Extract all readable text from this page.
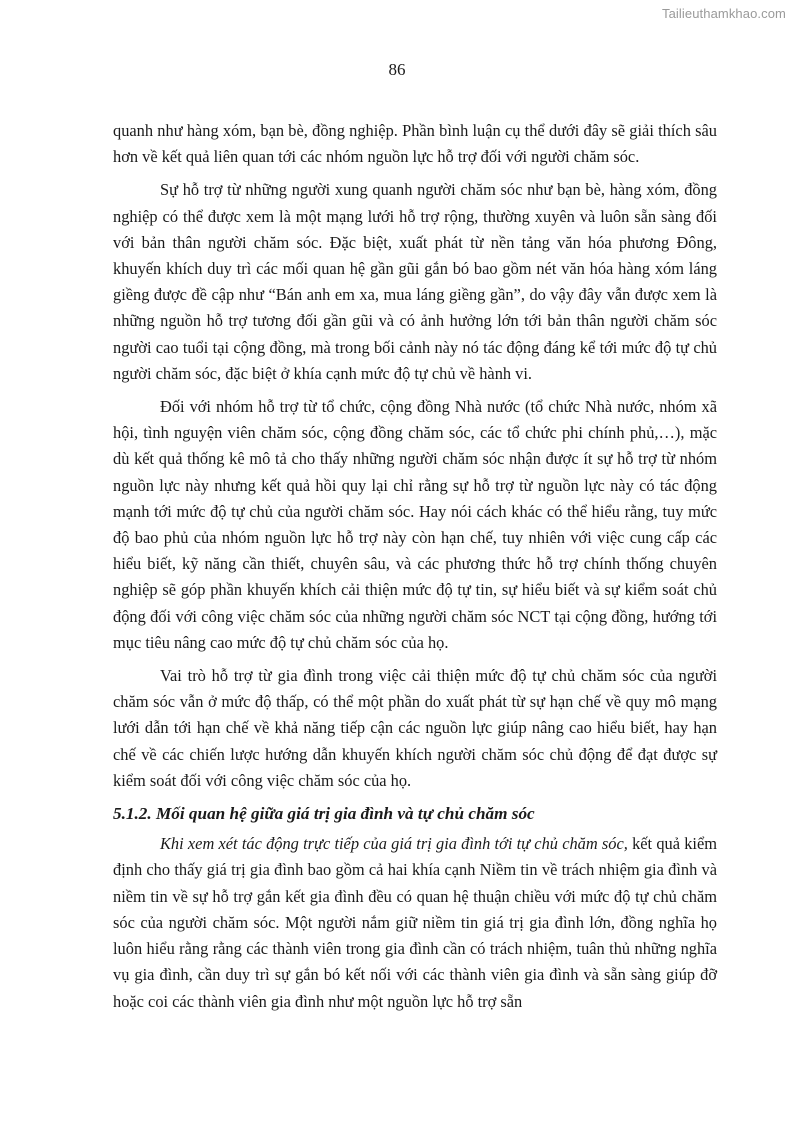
Tailieuthamkhao.com
86

quanh như hàng xóm, bạn bè, đồng nghiệp. Phần bình luận cụ thể dưới đây sẽ giải thích sâu hơn về kết quả liên quan tới các nhóm nguồn lực hỗ trợ đối với người chăm sóc.

Sự hỗ trợ từ những người xung quanh người chăm sóc như bạn bè, hàng xóm, đồng nghiệp có thể được xem là một mạng lưới hỗ trợ rộng, thường xuyên và luôn sẵn sàng đối với bản thân người chăm sóc. Đặc biệt, xuất phát từ nền tảng văn hóa phương Đông, khuyến khích duy trì các mối quan hệ gần gũi gắn bó bao gồm nét văn hóa hàng xóm láng giềng được đề cập như “Bán anh em xa, mua láng giềng gần”, do vậy đây vẫn được xem là những nguồn hỗ trợ tương đối gần gũi và có ảnh hưởng lớn tới bản thân người chăm sóc người cao tuổi tại cộng đồng, mà trong bối cảnh này nó tác động đáng kể tới mức độ tự chủ người chăm sóc, đặc biệt ở khía cạnh mức độ tự chủ về hành vi.

Đối với nhóm hỗ trợ từ tổ chức, cộng đồng Nhà nước (tổ chức Nhà nước, nhóm xã hội, tình nguyện viên chăm sóc, cộng đồng chăm sóc, các tổ chức phi chính phủ,…), mặc dù kết quả thống kê mô tả cho thấy những người chăm sóc nhận được ít sự hỗ trợ từ nhóm nguồn lực này nhưng kết quả hồi quy lại chỉ rằng sự hỗ trợ từ nguồn lực này có tác động mạnh tới mức độ tự chủ của người chăm sóc. Hay nói cách khác có thể hiểu rằng, tuy mức độ bao phủ của nhóm nguồn lực hỗ trợ này còn hạn chế, tuy nhiên với việc cung cấp các hiểu biết, kỹ năng cần thiết, chuyên sâu, và các phương thức hỗ trợ chính thống chuyên nghiệp sẽ góp phần khuyến khích cải thiện mức độ tự tin, sự hiểu biết và sự kiểm soát chủ động đối với công việc chăm sóc của những người chăm sóc NCT tại cộng đồng, hướng tới mục tiêu nâng cao mức độ tự chủ chăm sóc của họ.

Vai trò hỗ trợ từ gia đình trong việc cải thiện mức độ tự chủ chăm sóc của người chăm sóc vẫn ở mức độ thấp, có thể một phần do xuất phát từ sự hạn chế về quy mô mạng lưới dẫn tới hạn chế về khả năng tiếp cận các nguồn lực giúp nâng cao hiểu biết, hay hạn chế về các chiến lược hướng dẫn khuyến khích người chăm sóc chủ động để đạt được sự kiểm soát đối với công việc chăm sóc của họ.

5.1.2. Mối quan hệ giữa giá trị gia đình và tự chủ chăm sóc

Khi xem xét tác động trực tiếp của giá trị gia đình tới tự chủ chăm sóc, kết quả kiểm định cho thấy giá trị gia đình bao gồm cả hai khía cạnh Niềm tin về trách nhiệm gia đình và niềm tin về sự hỗ trợ gắn kết gia đình đều có quan hệ thuận chiều với mức độ tự chủ chăm sóc của người chăm sóc. Một người nắm giữ niềm tin giá trị gia đình lớn, đồng nghĩa họ luôn hiểu rằng rằng các thành viên trong gia đình cần có trách nhiệm, tuân thủ những nghĩa vụ gia đình, cần duy trì sự gắn bó kết nối với các thành viên gia đình và sẵn sàng giúp đỡ hoặc coi các thành viên gia đình như một nguồn lực hỗ trợ sẵn
